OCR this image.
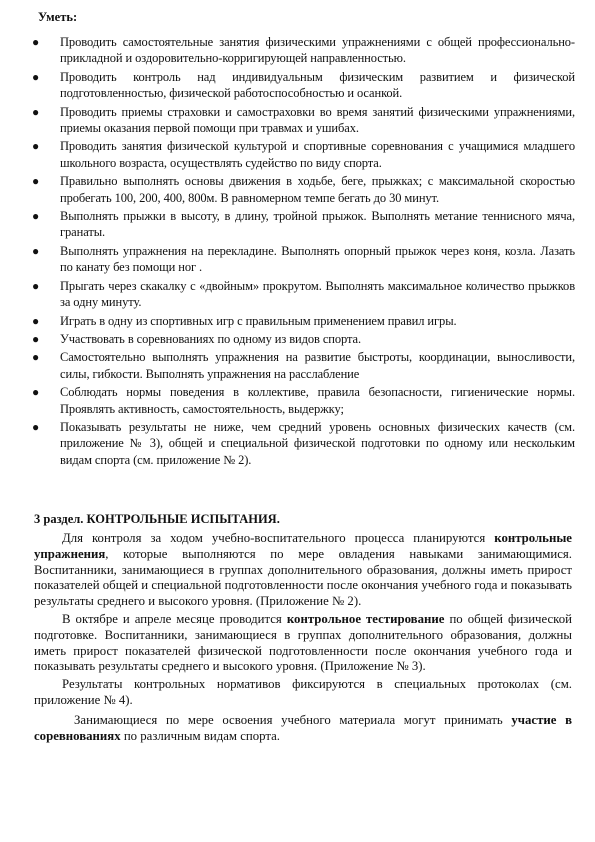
Уметь:
● Проводить самостоятельные занятия физическими упражнениями с общей профессионально-прикладной и оздоровительно-корригирующей направленностью.
● Проводить контроль над индивидуальным физическим развитием и физической подготовленностью, физической работоспособностью и осанкой.
● Проводить приемы страховки и самостраховки во время занятий физическими упражнениями, приемы оказания первой помощи при травмах и ушибах.
● Проводить занятия физической культурой и спортивные соревнования с учащимися младшего школьного возраста, осуществлять судейство по виду спорта.
● Правильно выполнять основы движения в ходьбе, беге, прыжках; с максимальной скоростью пробегать 100, 200, 400, 800м. В равномерном темпе бегать до 30 минут.
● Выполнять прыжки в высоту, в длину, тройной прыжок. Выполнять метание теннисного мяча, гранаты.
● Выполнять упражнения на перекладине. Выполнять опорный прыжок через коня, козла. Лазать по канату без помощи ног .
● Прыгать через скакалку с «двойным» прокрутом. Выполнять максимальное количество прыжков за одну минуту.
● Играть в одну из спортивных игр с правильным применением правил игры.
● Участвовать в соревнованиях по одному из видов спорта.
● Самостоятельно выполнять упражнения на развитие быстроты, координации, выносливости, силы, гибкости. Выполнять упражнения на расслабление
● Соблюдать нормы поведения в коллективе, правила безопасности, гигиенические нормы. Проявлять активность, самостоятельность, выдержку;
● Показывать результаты не ниже, чем средний уровень основных физических качеств (см. приложение № 3), общей и специальной физической подготовки по одному или нескольким видам спорта (см. приложение № 2).
3 раздел. КОНТРОЛЬНЫЕ ИСПЫТАНИЯ.

Для контроля за ходом учебно-воспитательного процесса планируются контрольные упражнения, которые выполняются по мере овладения навыками занимающимися. Воспитанники, занимающиеся в группах дополнительного образования, должны иметь прирост показателей общей и специальной подготовленности после окончания учебного года и показывать результаты среднего и высокого уровня. (Приложение № 2).

В октябре и апреле месяце проводится контрольное тестирование по общей физической подготовке. Воспитанники, занимающиеся в группах дополнительного образования, должны иметь прирост показателей физической подготовленности после окончания учебного года и показывать результаты среднего и высокого уровня. (Приложение № 3).

Результаты контрольных нормативов фиксируются в специальных протоколах (см. приложение № 4).

Занимающиеся по мере освоения учебного материала могут принимать участие в соревнованиях по различным видам спорта.
